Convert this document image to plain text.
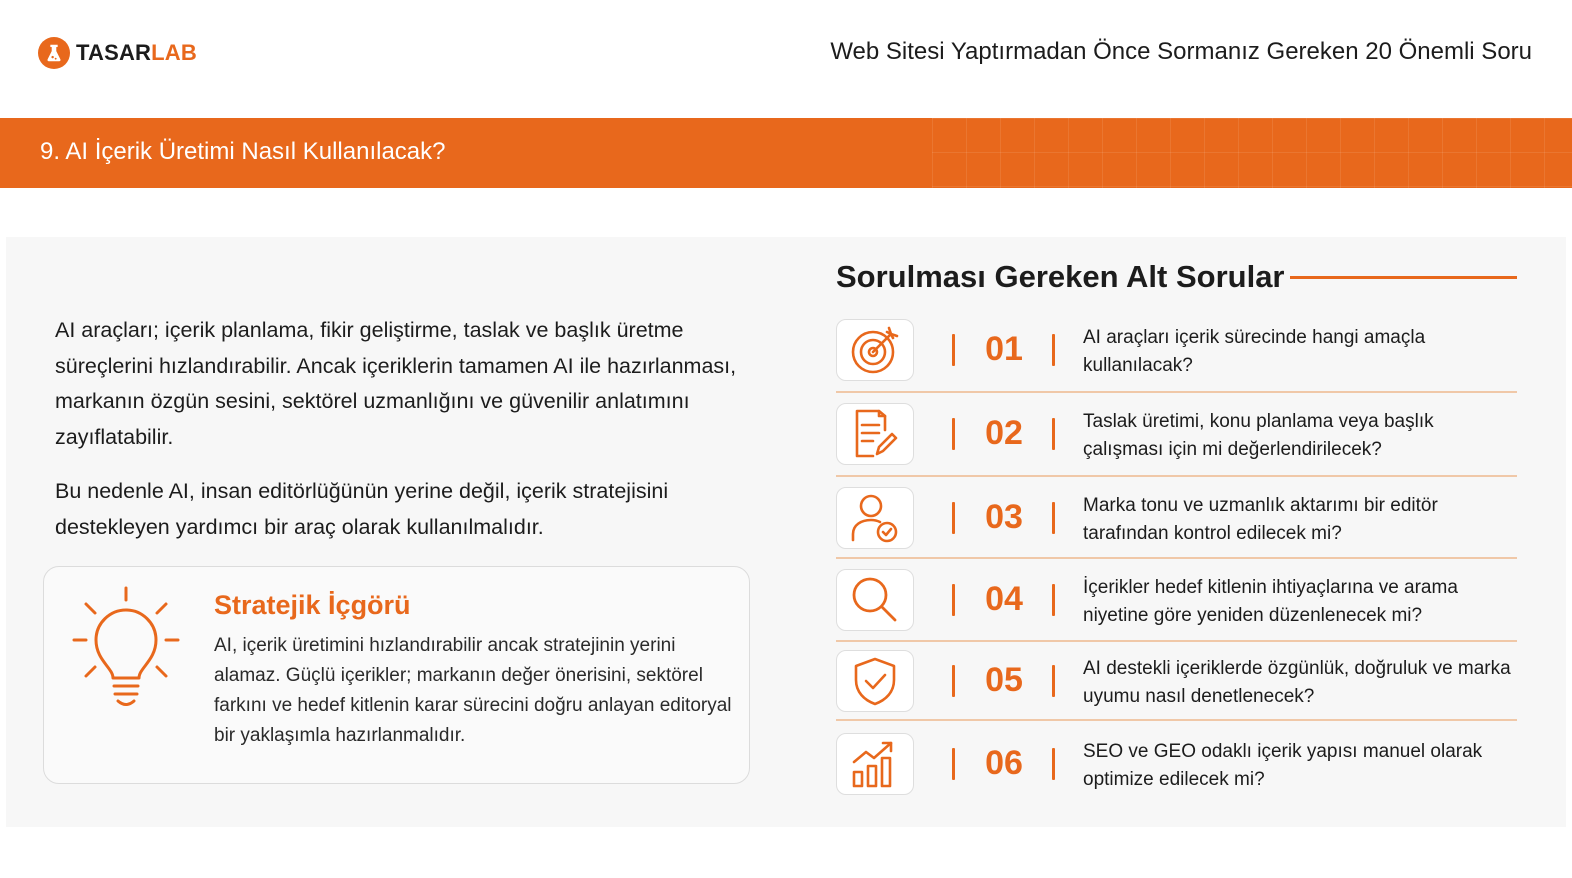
TASARLAB	Web Sitesi Yaptırmadan Önce Sormanız Gereken 20 Önemli Soru
9. AI İçerik Üretimi Nasıl Kullanılacak?

AI araçları; içerik planlama, fikir geliştirme, taslak ve başlık üretme süreçlerini hızlandırabilir. Ancak içeriklerin tamamen AI ile hazırlanması, markanın özgün sesini, sektörel uzmanlığını ve güvenilir anlatımını zayıflatabilir.

Bu nedenle AI, insan editörlüğünün yerine değil, içerik stratejisini destekleyen yardımcı bir araç olarak kullanılmalıdır.

Stratejik İçgörü

AI, içerik üretimini hızlandırabilir ancak stratejinin yerini alamaz. Güçlü içerikler; markanın değer önerisini, sektörel farkını ve hedef kitlenin karar sürecini doğru anlayan editoryal bir yaklaşımla hazırlanmalıdır.

Sorulması Gereken Alt Sorular
01	AI araçları içerik sürecinde hangi amaçla kullanılacak?

02	Taslak üretimi, konu planlama veya başlık çalışması için mi değerlendirilecek?

03	Marka tonu ve uzmanlık aktarımı bir editör tarafından kontrol edilecek mi?

04	İçerikler hedef kitlenin ihtiyaçlarına ve arama niyetine göre yeniden düzenlenecek mi?

05	AI destekli içeriklerde özgünlük, doğruluk ve marka uyumu nasıl denetlenecek?

06	SEO ve GEO odaklı içerik yapısı manuel olarak optimize edilecek mi?
